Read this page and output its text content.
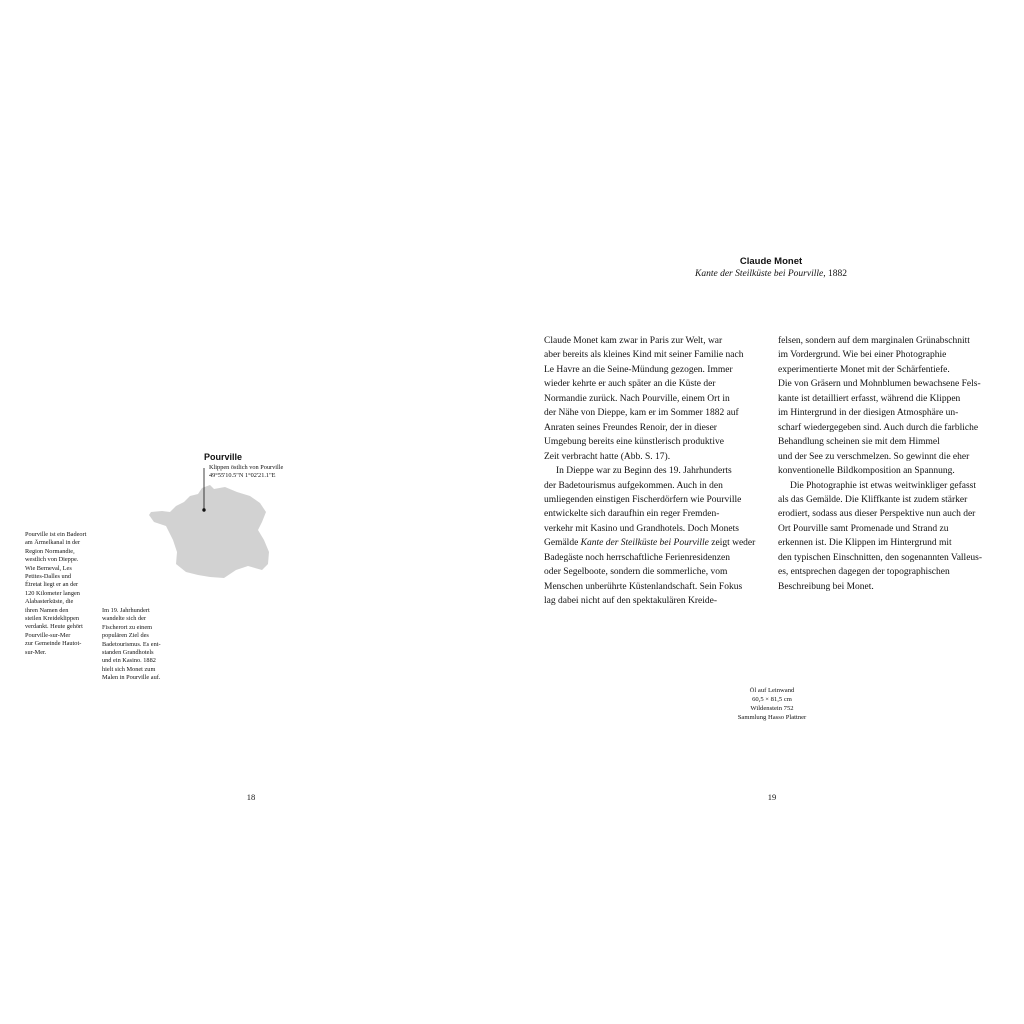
Pourville
Klippen östlich von Pourville
49°55'10.5"N 1°02'21.1"E
Pourville ist ein Badeort
am Ärmelkanal in der
Region Normandie,
westlich von Dieppe.
Wie Berneval, Les
Petites-Dalles und
Étretat liegt er an der
120 Kilometer langen
Alabasterküste, die
ihren Namen den
steilen Kreideklippen
verdankt. Heute gehört
Pourville-sur-Mer
zur Gemeinde Hautot-
sur-Mer.
Im 19. Jahrhundert
wandelte sich der
Fischerort zu einem
populären Ziel des
Badetourismus. Es ent-
standen Grandhotels
und ein Kasino. 1882
hielt sich Monet zum
Malen in Pourville auf.
Claude Monet
Kante der Steilküste bei Pourville, 1882
Claude Monet kam zwar in Paris zur Welt, war
aber bereits als kleines Kind mit seiner Familie nach
Le Havre an die Seine-Mündung gezogen. Immer
wieder kehrte er auch später an die Küste der
Normandie zurück. Nach Pourville, einem Ort in
der Nähe von Dieppe, kam er im Sommer 1882 auf
Anraten seines Freundes Renoir, der in dieser
Umgebung bereits eine künstlerisch produktive
Zeit verbracht hatte (Abb. S. 17).
In Dieppe war zu Beginn des 19. Jahrhunderts
der Badetourismus aufgekommen. Auch in den
umliegenden einstigen Fischerdörfern wie Pourville
entwickelte sich daraufhin ein reger Fremden-
verkehr mit Kasino und Grandhotels. Doch Monets
Gemälde Kante der Steilküste bei Pourville zeigt weder
Badegäste noch herrschaftliche Ferienresidenzen
oder Segelboote, sondern die sommerliche, vom
Menschen unberührte Küstenlandschaft. Sein Fokus
lag dabei nicht auf den spektakulären Kreide-
felsen, sondern auf dem marginalen Grünabschnitt
im Vordergrund. Wie bei einer Photographie
experimentierte Monet mit der Schärfentiefe.
Die von Gräsern und Mohnblumen bewachsene Fels-
kante ist detailliert erfasst, während die Klippen
im Hintergrund in der diesigen Atmosphäre un-
scharf wiedergegeben sind. Auch durch die farbliche
Behandlung scheinen sie mit dem Himmel
und der See zu verschmelzen. So gewinnt die eher
konventionelle Bildkomposition an Spannung.
Die Photographie ist etwas weitwinkliger gefasst
als das Gemälde. Die Kliffkante ist zudem stärker
erodiert, sodass aus dieser Perspektive nun auch der
Ort Pourville samt Promenade und Strand zu
erkennen ist. Die Klippen im Hintergrund mit
den typischen Einschnitten, den sogenannten Valleus-
es, entsprechen dagegen der topographischen
Beschreibung bei Monet.
Öl auf Leinwand
60,5 × 81,5 cm
Wildenstein 752
Sammlung Hasso Plattner
18	19
